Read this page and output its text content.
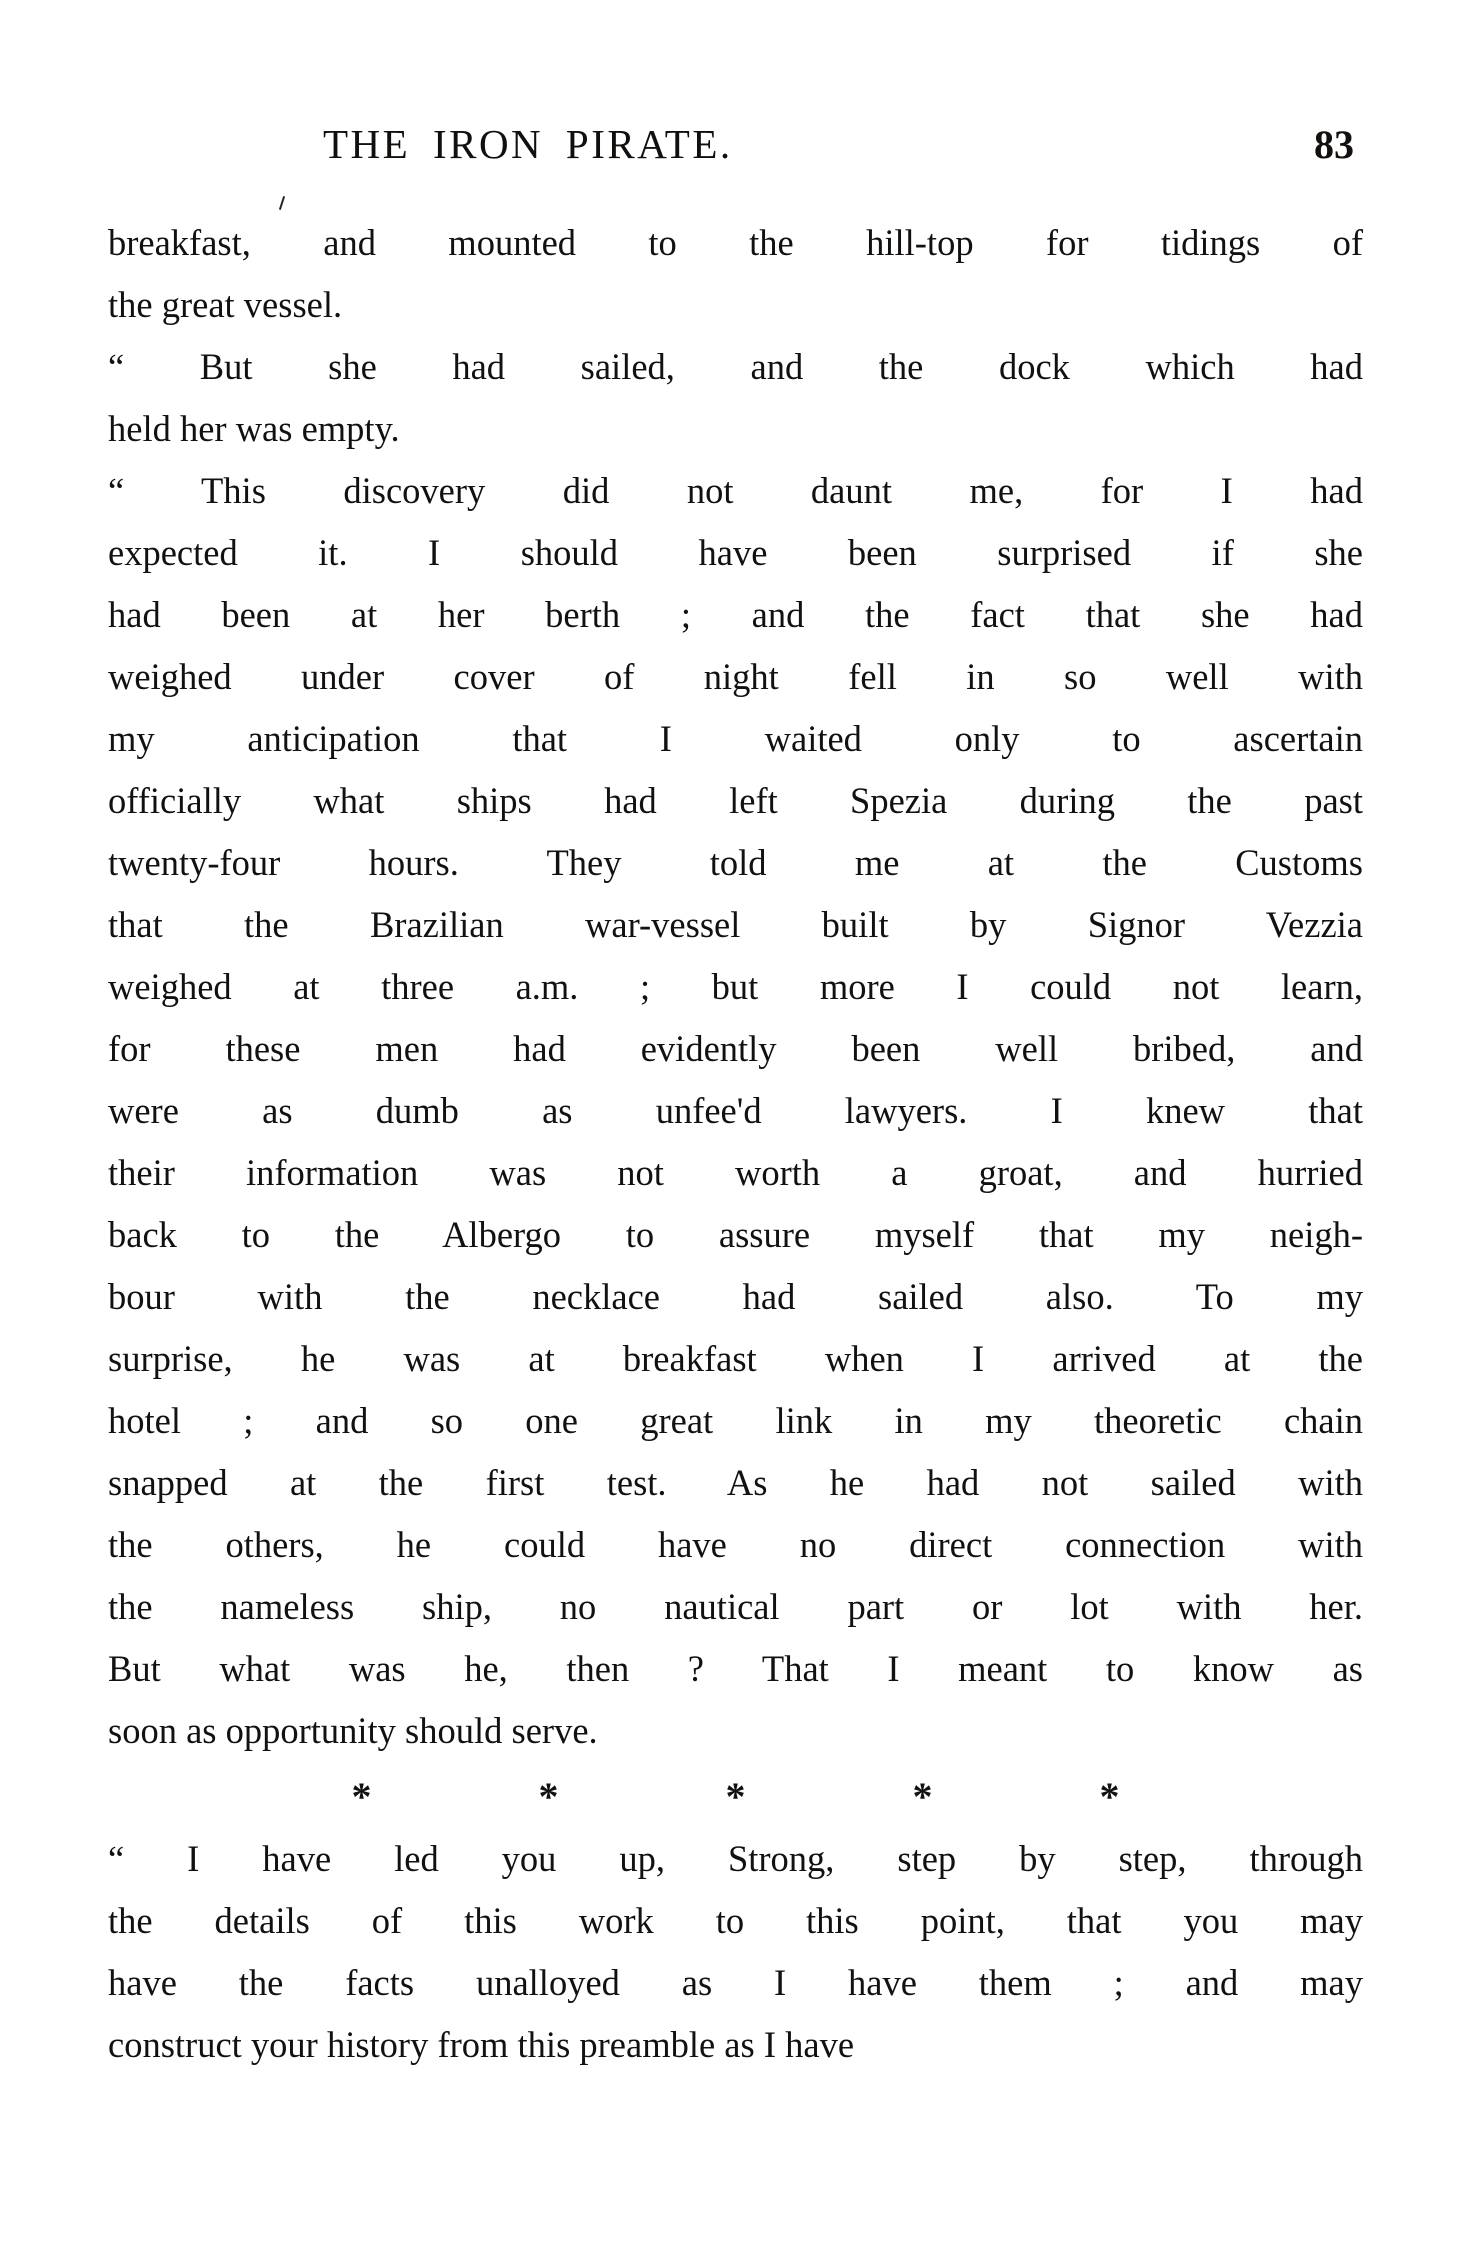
THE IRON PIRATE.	83

breakfast, and mounted to the hill-top for tidings of
the great vessel.

“ But she had sailed, and the dock which had
held her was empty.

“ This discovery did not daunt me, for I had
expected it. I should have been surprised if she
had been at her berth ; and the fact that she had
weighed under cover of night fell in so well with
my anticipation that I waited only to ascertain
officially what ships had left Spezia during the past
twenty-four hours. They told me at the Customs
that the Brazilian war-vessel built by Signor Vezzia
weighed at three a.m. ; but more I could not learn,
for these men had evidently been well bribed, and
were as dumb as unfee'd lawyers. I knew that
their information was not worth a groat, and hurried
back to the Albergo to assure myself that my neigh-
bour with the necklace had sailed also. To my
surprise, he was at breakfast when I arrived at the
hotel ; and so one great link in my theoretic chain
snapped at the first test. As he had not sailed with
the others, he could have no direct connection with
the nameless ship, no nautical part or lot with her.
But what was he, then ? That I meant to know as
soon as opportunity should serve.

*	*	*	*	*

“ I have led you up, Strong, step by step, through
the details of this work to this point, that you may
have the facts unalloyed as I have them ; and may
construct your history from this preamble as I have
